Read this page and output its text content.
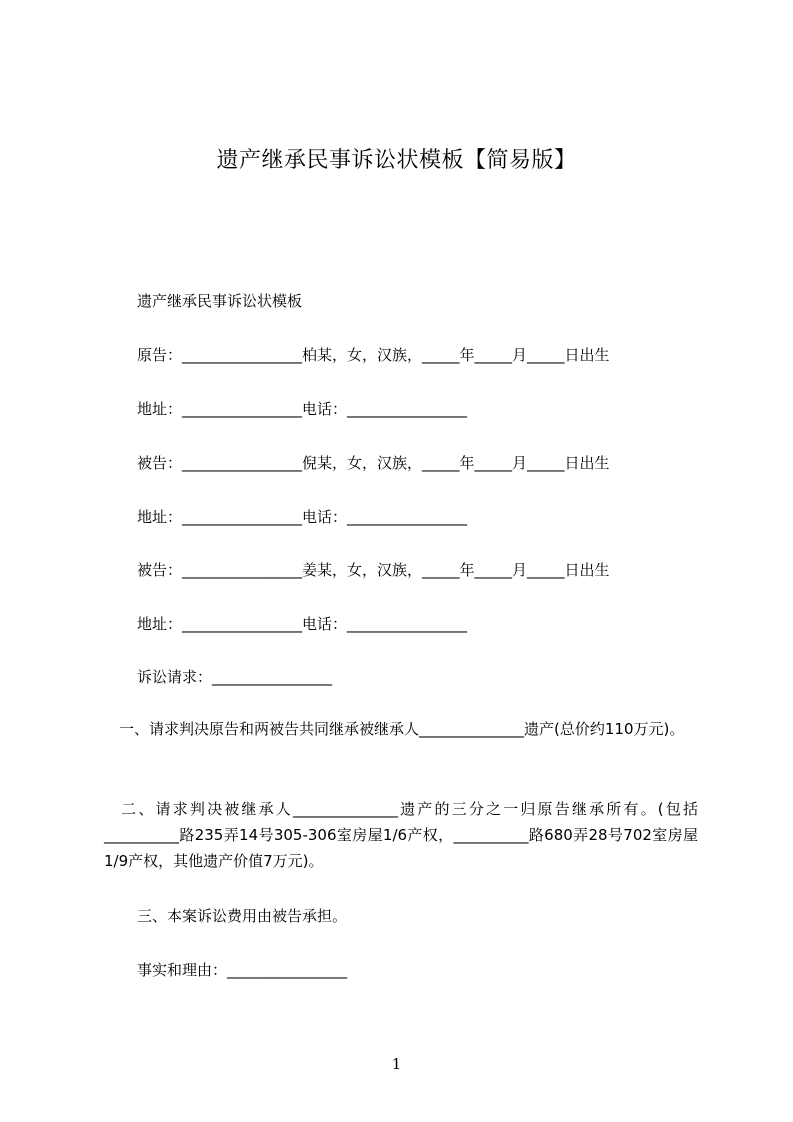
遗产继承民事诉讼状模板【简易版】
遗产继承民事诉讼状模板
原告：________________柏某，女，汉族，_____年_____月_____日出生
地址：________________电话：________________
被告：________________倪某，女，汉族，_____年_____月_____日出生
地址：________________电话：________________
被告：________________姜某，女，汉族，_____年_____月_____日出生
地址：________________电话：________________
诉讼请求：________________
　一、请求判决原告和两被告共同继承被继承人______________遗产(总价约110万元)。
　二、请求判决被继承人______________遗产的三分之一归原告继承所有。(包括__________路235弄14号305-306室房屋1/6产权，__________路680弄28号702室房屋1/9产权，其他遗产价值7万元)。
三、本案诉讼费用由被告承担。
事实和理由：________________
1
